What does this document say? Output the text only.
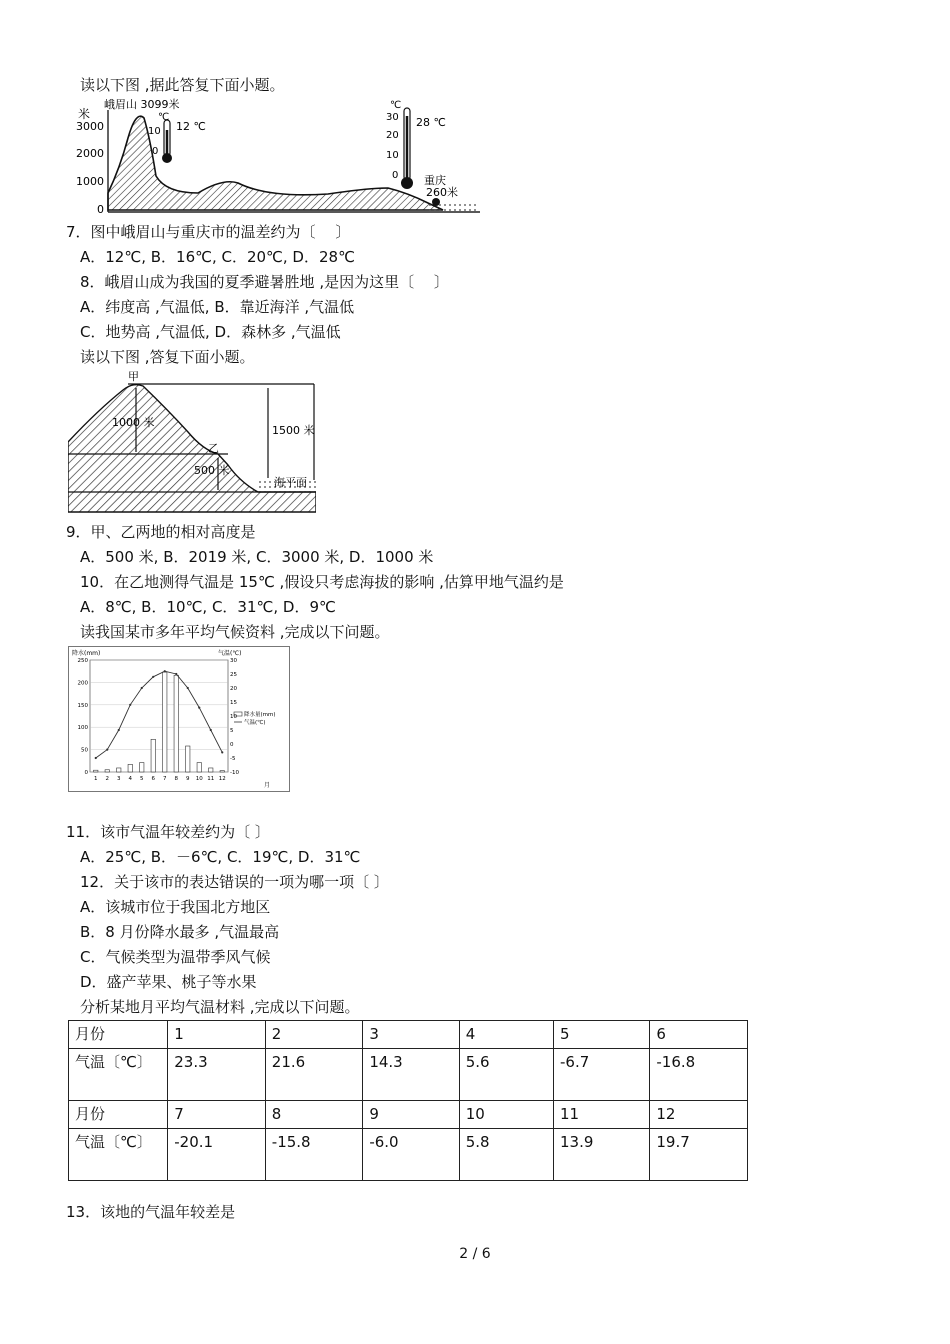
读以下图 ,据此答复下面小题。
米
峨眉山 3099米
3000
2000
1000
0
℃
10
0
12 ℃
℃
30
20
10
0
28 ℃
重庆
260米
7．图中峨眉山与重庆市的温差约为〔　 〕
A．12℃, B．16℃, C．20℃, D．28℃
8．峨眉山成为我国的夏季避暑胜地 ,是因为这里〔　 〕
A．纬度高 ,气温低, B．靠近海洋 ,气温低
C．地势高 ,气温低, D．森林多 ,气温低
读以下图 ,答复下面小题。
甲
乙
1000 米
1500 米
500 米
海平面
9．甲、乙两地的相对高度是
A．500 米, B．2019 米, C．3000 米, D．1000 米
10．在乙地测得气温是 15℃ ,假设只考虑海拔的影响 ,估算甲地气温约是
A．8℃, B．10℃, C．31℃, D．9℃
读我国某市多年平均气候资料 ,完成以下问题。
降水(mm)	气温(℃)
月
降水量(mm)
气温(℃)
250
200
150
100
50
0
30
25
20
15
10
5
0
-5
-10
1 2 3 4 5 6 7 8 9 10 11 12
11．该市气温年较差约为〔 〕
A．25℃, B．－6℃, C．19℃, D．31℃
12．关于该市的表达错误的一项为哪一项〔 〕
A．该城市位于我国北方地区
B．8 月份降水最多 ,气温最高
C．气候类型为温带季风气候
D．盛产苹果、桃子等水果
分析某地月平均气温材料 ,完成以下问题。
月份	1	2	3	4	5	6
气温〔℃〕	23.3	21.6	14.3	5.6	-6.7	-16.8
月份	7	8	9	10	11	12
气温〔℃〕	-20.1	-15.8	-6.0	5.8	13.9	19.7
13．该地的气温年较差是
2 / 6
